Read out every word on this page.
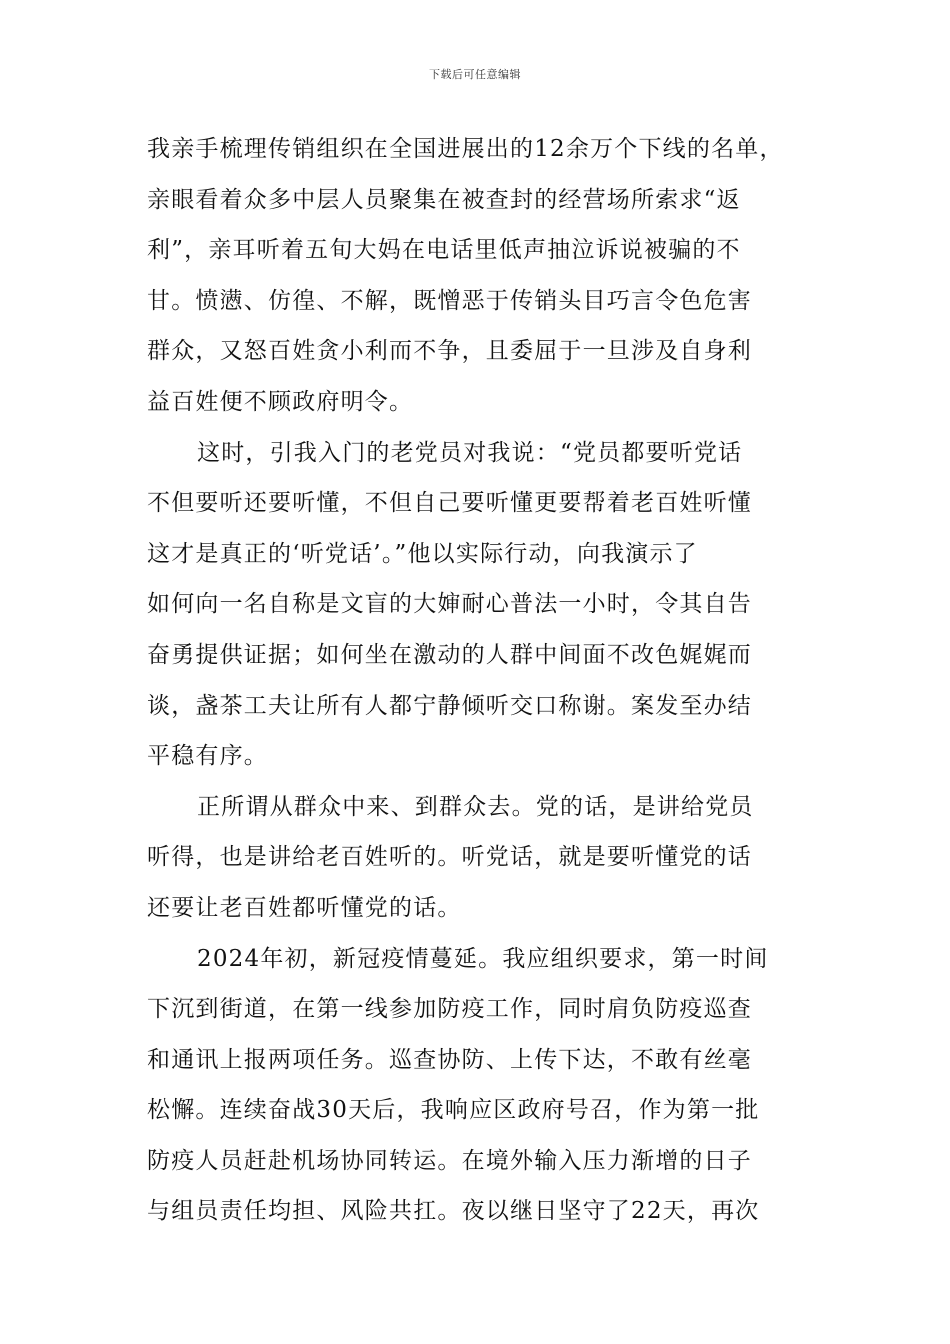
下载后可任意编辑
我亲手梳理传销组织在全国进展出的12余万个下线的名单，
亲眼看着众多中层人员聚集在被查封的经营场所索求“返
利”，亲耳听着五旬大妈在电话里低声抽泣诉说被骗的不
甘。愤懑、仿徨、不解，既憎恶于传销头目巧言令色危害
群众，又怒百姓贪小利而不争，且委屈于一旦涉及自身利
益百姓便不顾政府明令。
这时，引我入门的老党员对我说：“党员都要听党话
不但要听还要听懂，不但自己要听懂更要帮着老百姓听懂
这才是真正的‘听党话’。”他以实际行动，向我演示了
如何向一名自称是文盲的大婶耐心普法一小时，令其自告
奋勇提供证据；如何坐在激动的人群中间面不改色娓娓而
谈，盏茶工夫让所有人都宁静倾听交口称谢。案发至办结
平稳有序。
正所谓从群众中来、到群众去。党的话，是讲给党员
听得，也是讲给老百姓听的。听党话，就是要听懂党的话
还要让老百姓都听懂党的话。
2024年初，新冠疫情蔓延。我应组织要求，第一时间
下沉到街道，在第一线参加防疫工作，同时肩负防疫巡查
和通讯上报两项任务。巡查协防、上传下达，不敢有丝毫
松懈。连续奋战30天后，我响应区政府号召，作为第一批
防疫人员赶赴机场协同转运。在境外输入压力渐增的日子
与组员责任均担、风险共扛。夜以继日坚守了22天，再次
